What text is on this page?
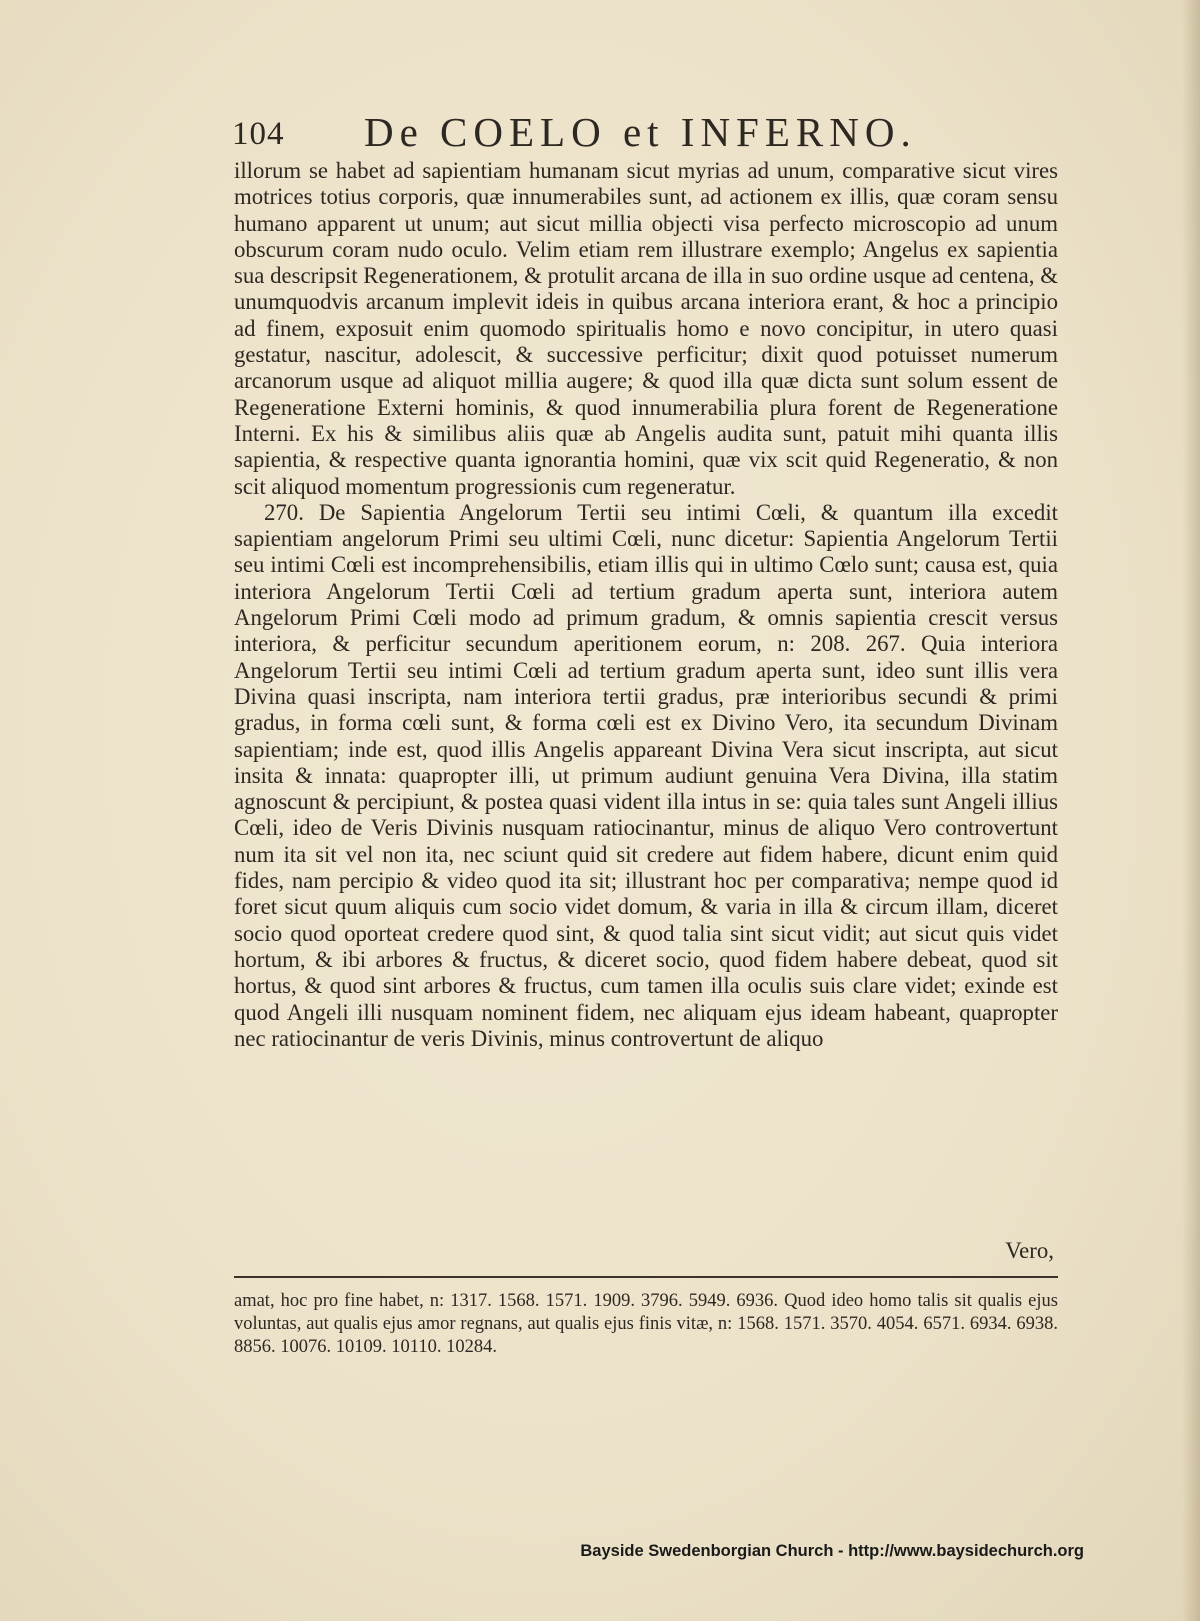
104 De COELO et INFERNO.

illorum se habet ad sapientiam humanam sicut myrias ad unum, comparative sicut vires motrices totius corporis, quæ innumerabiles sunt, ad actionem ex illis, quæ coram sensu humano apparent ut unum; aut sicut millia objecti visa perfecto microscopio ad unum obscurum coram nudo oculo. Velim etiam rem illustrare exemplo; Angelus ex sapientia sua descripsit Regenerationem, & protulit arcana de illa in suo ordine usque ad centena, & unumquodvis arcanum implevit ideis in quibus arcana interiora erant, & hoc a principio ad finem, exposuit enim quomodo spiritualis homo e novo concipitur, in utero quasi gestatur, nascitur, adolescit, & successive perficitur; dixit quod potuisset numerum arcanorum usque ad aliquot millia augere; & quod illa quæ dicta sunt solum essent de Regeneratione Externi hominis, & quod innumerabilia plura forent de Regeneratione Interni. Ex his & similibus aliis quæ ab Angelis audita sunt, patuit mihi quanta illis sapientia, & respective quanta ignorantia homini, quæ vix scit quid Regeneratio, & non scit aliquod momentum progressionis cum regeneratur.

270. De Sapientia Angelorum Tertii seu intimi Cœli, & quantum illa excedit sapientiam angelorum Primi seu ultimi Cœli, nunc dicetur: Sapientia Angelorum Tertii seu intimi Cœli est incomprehensibilis, etiam illis qui in ultimo Cœlo sunt; causa est, quia interiora Angelorum Tertii Cœli ad tertium gradum aperta sunt, interiora autem Angelorum Primi Cœli modo ad primum gradum, & omnis sapientia crescit versus interiora, & perficitur secundum aperitionem eorum, n: 208. 267. Quia interiora Angelorum Tertii seu intimi Cœli ad tertium gradum aperta sunt, ideo sunt illis vera Divina quasi inscripta, nam interiora tertii gradus, præ interioribus secundi & primi gradus, in forma cœli sunt, & forma cœli est ex Divino Vero, ita secundum Divinam sapientiam; inde est, quod illis Angelis appareant Divina Vera sicut inscripta, aut sicut insita & innata: quapropter illi, ut primum audiunt genuina Vera Divina, illa statim agnoscunt & percipiunt, & postea quasi vident illa intus in se: quia tales sunt Angeli illius Cœli, ideo de Veris Divinis nusquam ratiocinantur, minus de aliquo Vero controvertunt num ita sit vel non ita, nec sciunt quid sit credere aut fidem habere, dicunt enim quid fides, nam percipio & video quod ita sit; illustrant hoc per comparativa; nempe quod id foret sicut quum aliquis cum socio videt domum, & varia in illa & circum illam, diceret socio quod oporteat credere quod sint, & quod talia sint sicut vidit; aut sicut quis videt hortum, & ibi arbores & fructus, & diceret socio, quod fidem habere debeat, quod sit hortus, & quod sint arbores & fructus, cum tamen illa oculis suis clare videt; exinde est quod Angeli illi nusquam nominent fidem, nec aliquam ejus ideam habeant, quapropter nec ratiocinantur de veris Divinis, minus controvertunt de aliquo

Vero,
amat, hoc pro fine habet, n: 1317. 1568. 1571. 1909. 3796. 5949. 6936. Quod ideo homo talis sit qualis ejus voluntas, aut qualis ejus amor regnans, aut qualis ejus finis vitæ, n: 1568. 1571. 3570. 4054. 6571. 6934. 6938. 8856. 10076. 10109. 10110. 10284.
Bayside Swedenborgian Church - http://www.baysidechurch.org
